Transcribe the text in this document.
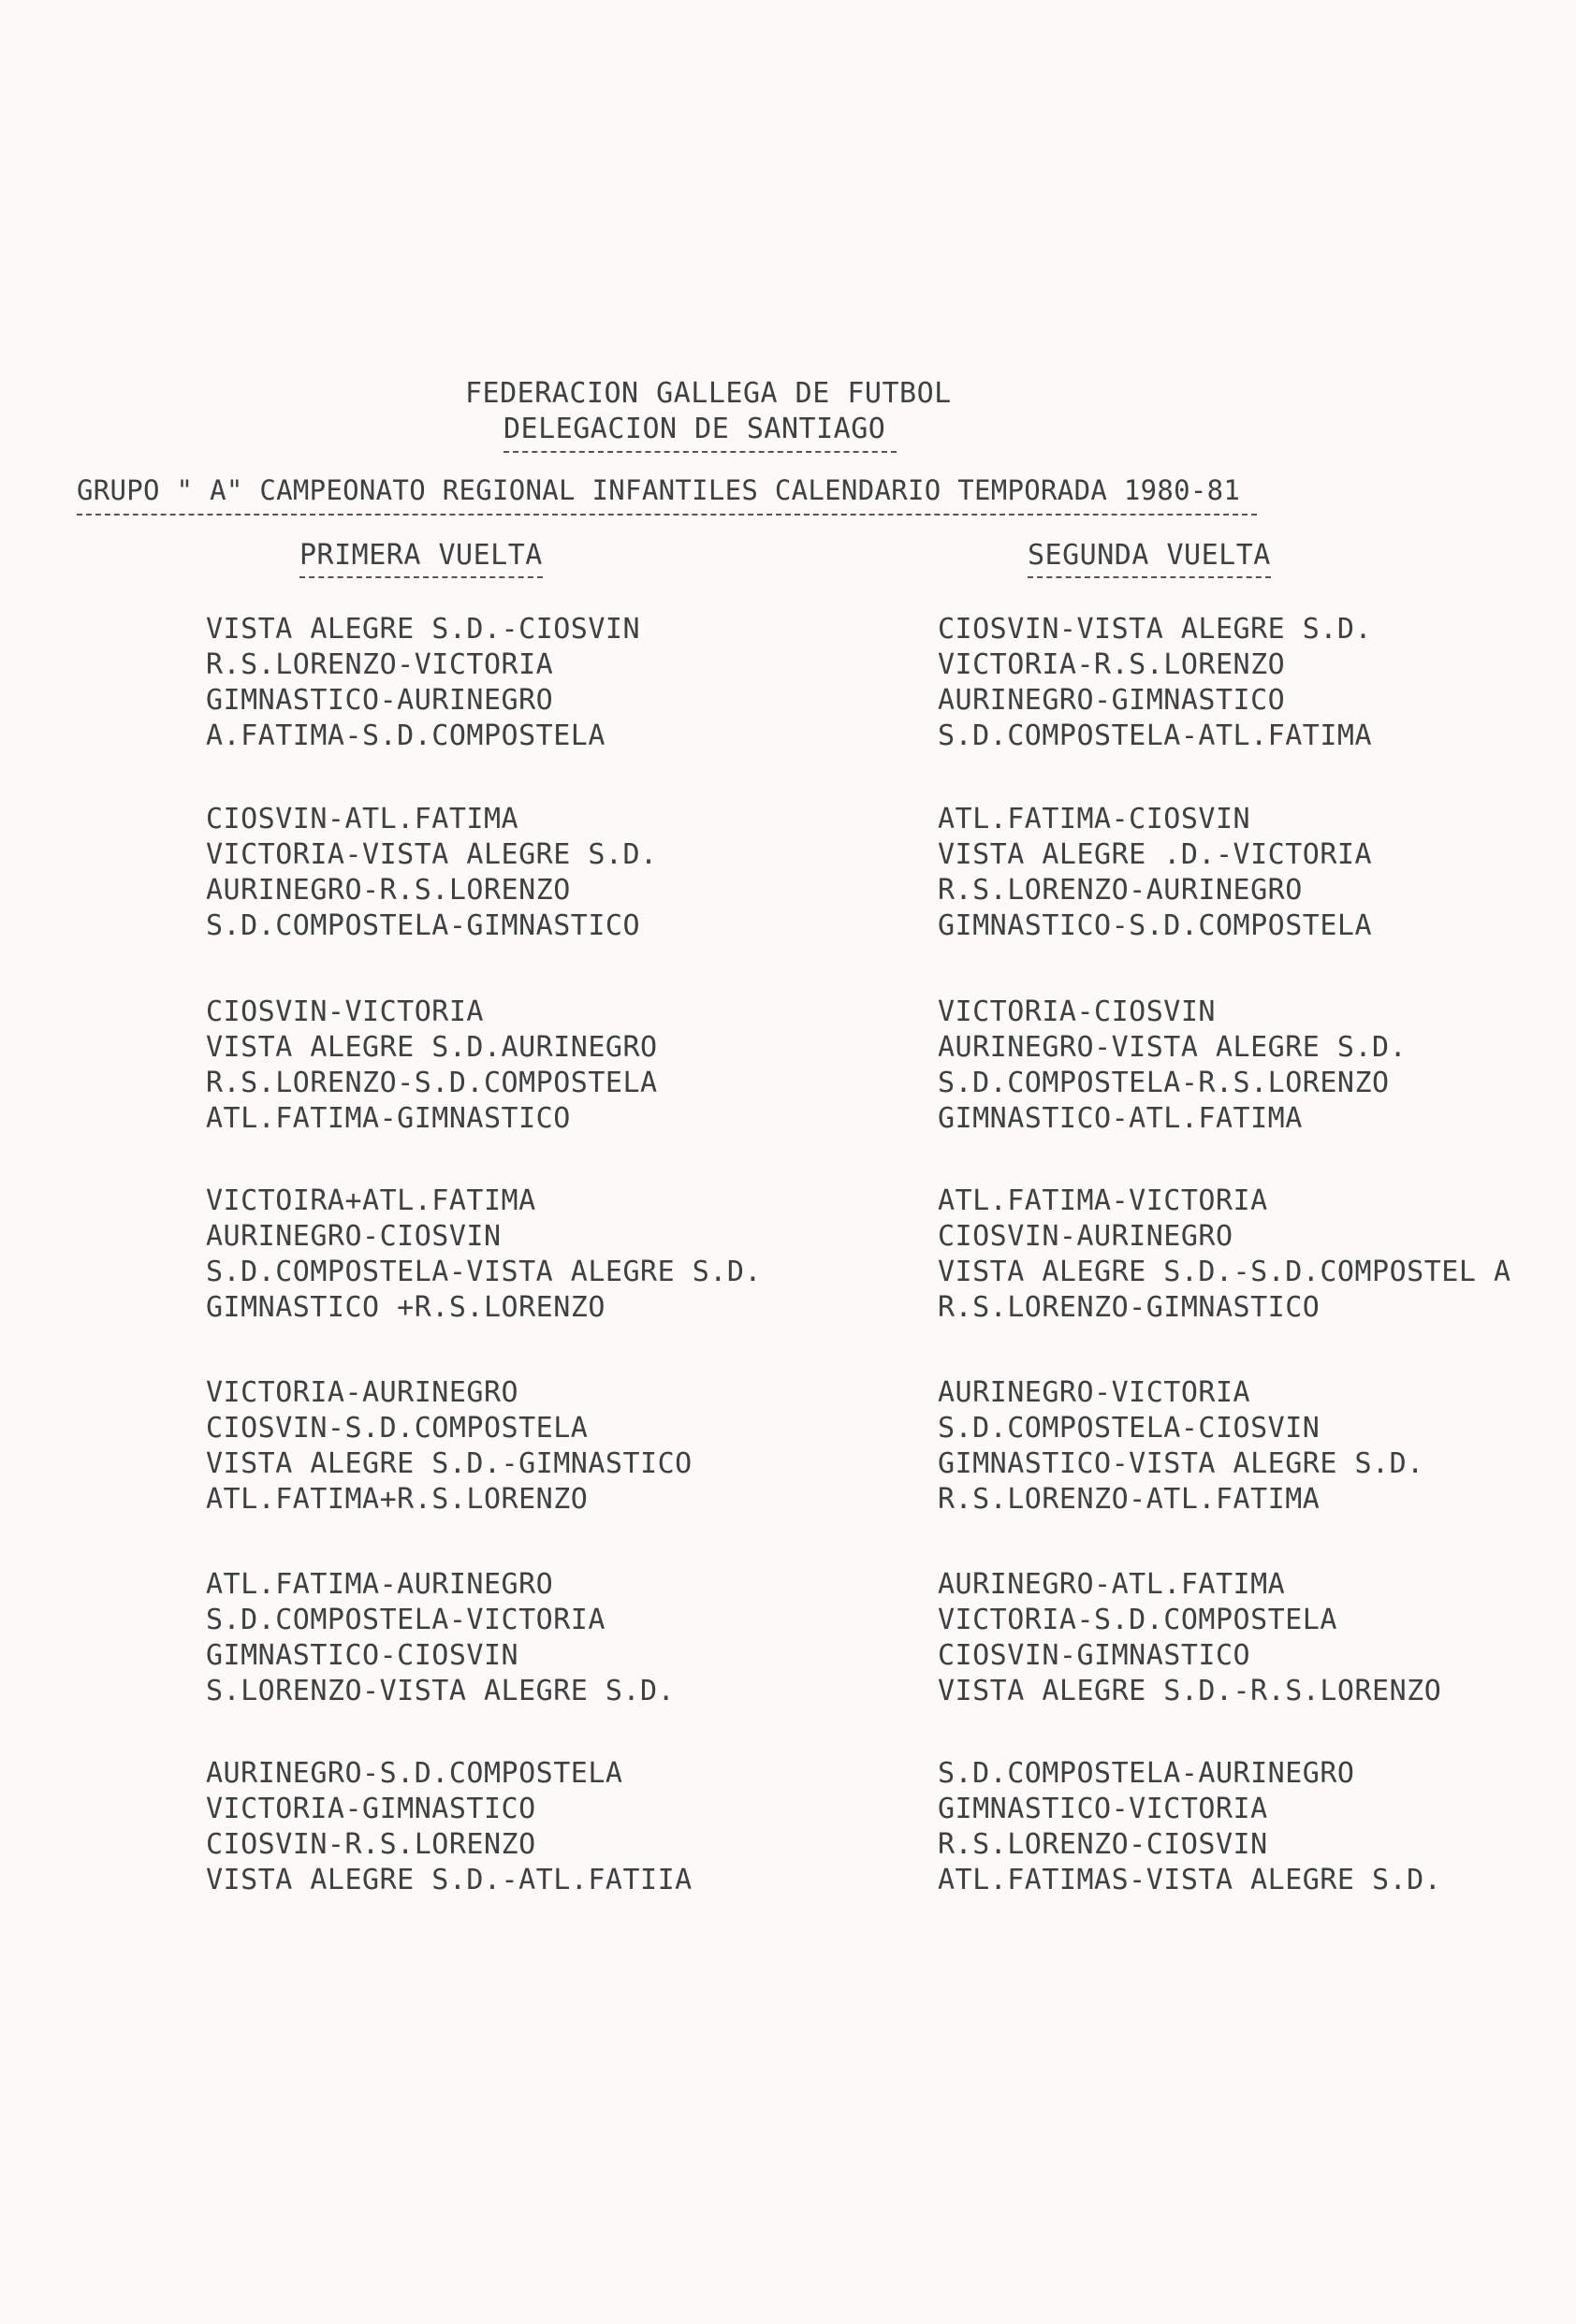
FEDERACION GALLEGA DE FUTBOL
DELEGACION DE SANTIAGO
GRUPO " A" CAMPEONATO REGIONAL INFANTILES CALENDARIO TEMPORADA 1980-81
PRIMERA VUELTA	SEGUNDA VUELTA
VISTA ALEGRE S.D.-CIOSVIN
R.S.LORENZO-VICTORIA
GIMNASTICO-AURINEGRO
A.FATIMA-S.D.COMPOSTELA
CIOSVIN-ATL.FATIMA
VICTORIA-VISTA ALEGRE S.D.
AURINEGRO-R.S.LORENZO
S.D.COMPOSTELA-GIMNASTICO
CIOSVIN-VICTORIA
VISTA ALEGRE S.D.AURINEGRO
R.S.LORENZO-S.D.COMPOSTELA
ATL.FATIMA-GIMNASTICO
VICTOIRA+ATL.FATIMA
AURINEGRO-CIOSVIN
S.D.COMPOSTELA-VISTA ALEGRE S.D.
GIMNASTICO +R.S.LORENZO
VICTORIA-AURINEGRO
CIOSVIN-S.D.COMPOSTELA
VISTA ALEGRE S.D.-GIMNASTICO
ATL.FATIMA+R.S.LORENZO
ATL.FATIMA-AURINEGRO
S.D.COMPOSTELA-VICTORIA
GIMNASTICO-CIOSVIN
S.LORENZO-VISTA ALEGRE S.D.
AURINEGRO-S.D.COMPOSTELA
VICTORIA-GIMNASTICO
CIOSVIN-R.S.LORENZO
VISTA ALEGRE S.D.-ATL.FATIIA
CIOSVIN-VISTA ALEGRE S.D.
VICTORIA-R.S.LORENZO
AURINEGRO-GIMNASTICO
S.D.COMPOSTELA-ATL.FATIMA
ATL.FATIMA-CIOSVIN
VISTA ALEGRE .D.-VICTORIA
R.S.LORENZO-AURINEGRO
GIMNASTICO-S.D.COMPOSTELA
VICTORIA-CIOSVIN
AURINEGRO-VISTA ALEGRE S.D.
S.D.COMPOSTELA-R.S.LORENZO
GIMNASTICO-ATL.FATIMA
ATL.FATIMA-VICTORIA
CIOSVIN-AURINEGRO
VISTA ALEGRE S.D.-S.D.COMPOSTEL A
R.S.LORENZO-GIMNASTICO
AURINEGRO-VICTORIA
S.D.COMPOSTELA-CIOSVIN
GIMNASTICO-VISTA ALEGRE S.D.
R.S.LORENZO-ATL.FATIMA
AURINEGRO-ATL.FATIMA
VICTORIA-S.D.COMPOSTELA
CIOSVIN-GIMNASTICO
VISTA ALEGRE S.D.-R.S.LORENZO
S.D.COMPOSTELA-AURINEGRO
GIMNASTICO-VICTORIA
R.S.LORENZO-CIOSVIN
ATL.FATIMAS-VISTA ALEGRE S.D.
